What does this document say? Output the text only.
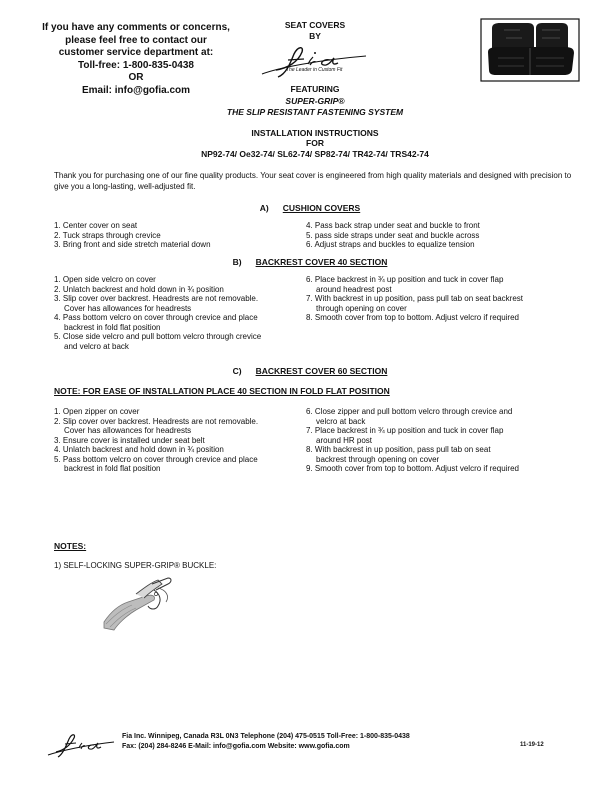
If you have any comments or concerns,
please feel free to contact our
customer service department at:
Toll-free: 1-800-835-0438
OR
Email: info@gofia.com
SEAT COVERS
BY
The Leader in Custom Fit
FEATURING
SUPER-GRIP®
THE SLIP RESISTANT FASTENING SYSTEM
INSTALLATION INSTRUCTIONS
FOR
NP92-74/ Oe32-74/ SL62-74/ SP82-74/ TR42-74/ TRS42-74
Thank you for purchasing one of our fine quality products. Your seat cover is engineered from high quality materials and designed with precision to give you a long-lasting, well-adjusted fit.
A) CUSHION COVERS
1. Center cover on seat
2. Tuck straps through crevice
3. Bring front and side stretch material down
4. Pass back strap under seat and buckle to front
5. pass side straps under seat and buckle across
6. Adjust straps and buckles to equalize tension
B) BACKREST COVER 40 SECTION
1. Open side velcro on cover
2. Unlatch backrest and hold down in ¾ position
3. Slip cover over backrest. Headrests are not removable.
Cover has allowances for headrests
4. Pass bottom velcro on cover through crevice and place
backrest in fold flat position
5. Close side velcro and pull bottom velcro through crevice
and velcro at back
6. Place backrest in ¾ up position and tuck in cover flap
around headrest post
7. With backrest in up position, pass pull tab on seat backrest
through opening on cover
8. Smooth cover from top to bottom. Adjust velcro if required
C) BACKREST COVER 60 SECTION
NOTE: FOR EASE OF INSTALLATION PLACE 40 SECTION IN FOLD FLAT POSITION
1. Open zipper on cover
2. Slip cover over backrest. Headrests are not removable.
Cover has allowances for headrests
3. Ensure cover is installed under seat belt
4. Unlatch backrest and hold down in ¾ position
5. Pass bottom velcro on cover through crevice and place
backrest in fold flat position
6. Close zipper and pull bottom velcro through crevice and
velcro at back
7. Place backrest in ¾ up position and tuck in cover flap
around HR post
8. With backrest in up position, pass pull tab on seat
backrest through opening on cover
9. Smooth cover from top to bottom. Adjust velcro if required
NOTES:
1) SELF-LOCKING SUPER-GRIP® BUCKLE:
Fia Inc. Winnipeg, Canada R3L 0N3 Telephone (204) 475-0515 Toll-Free: 1-800-835-0438
Fax: (204) 284-8246 E-Mail: info@gofia.com Website: www.gofia.com	11-19-12
